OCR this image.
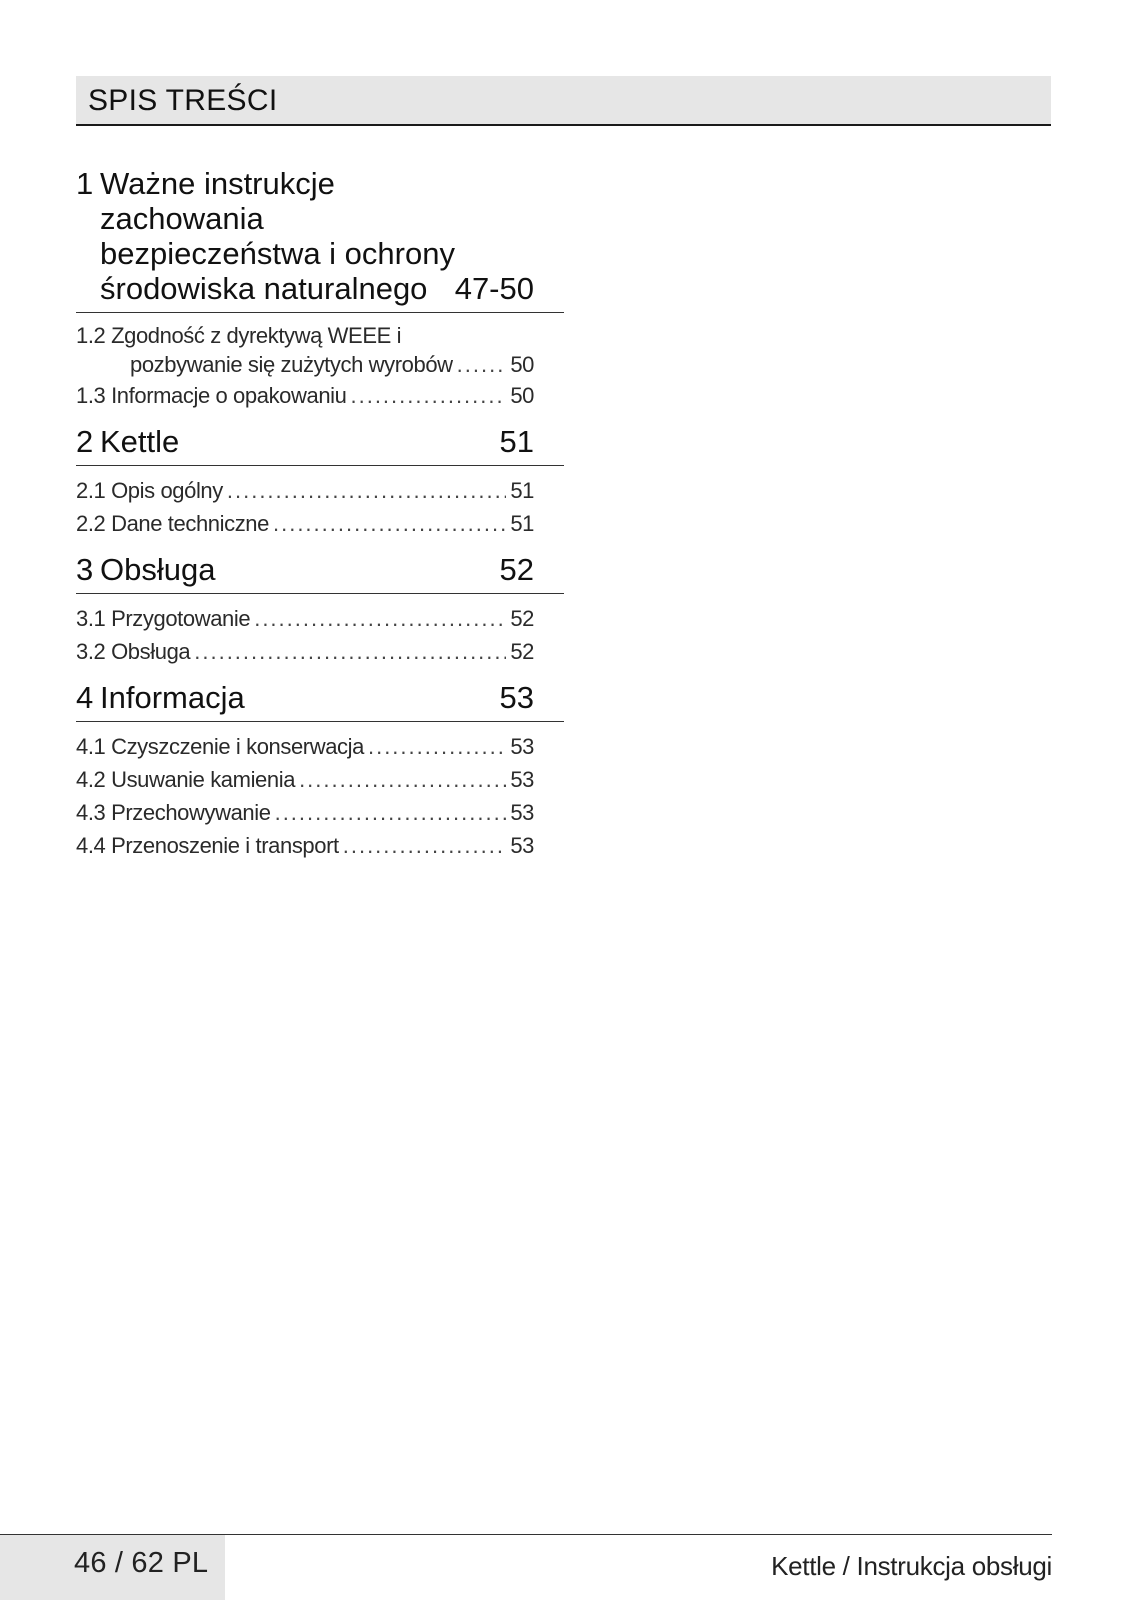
SPIS TREŚCI
1 Ważne instrukcje zachowania bezpieczeństwa i ochrony środowiska naturalnego 47-50
1.2 Zgodność z dyrektywą WEEE i
pozbywanie się zużytych wyrobów .....	50
1.3 Informacje o opakowaniu .....	50
2 Kettle	51
2.1 Opis ogólny .....	51
2.2 Dane techniczne .....	51
3 Obsługa	52
3.1 Przygotowanie .....	52
3.2 Obsługa .....	52
4 Informacja	53
4.1 Czyszczenie i konserwacja .....	53
4.2 Usuwanie kamienia .....	53
4.3 Przechowywanie .....	53
4.4 Przenoszenie i transport .....	53
46 / 62 PL	Kettle / Instrukcja obsługi
